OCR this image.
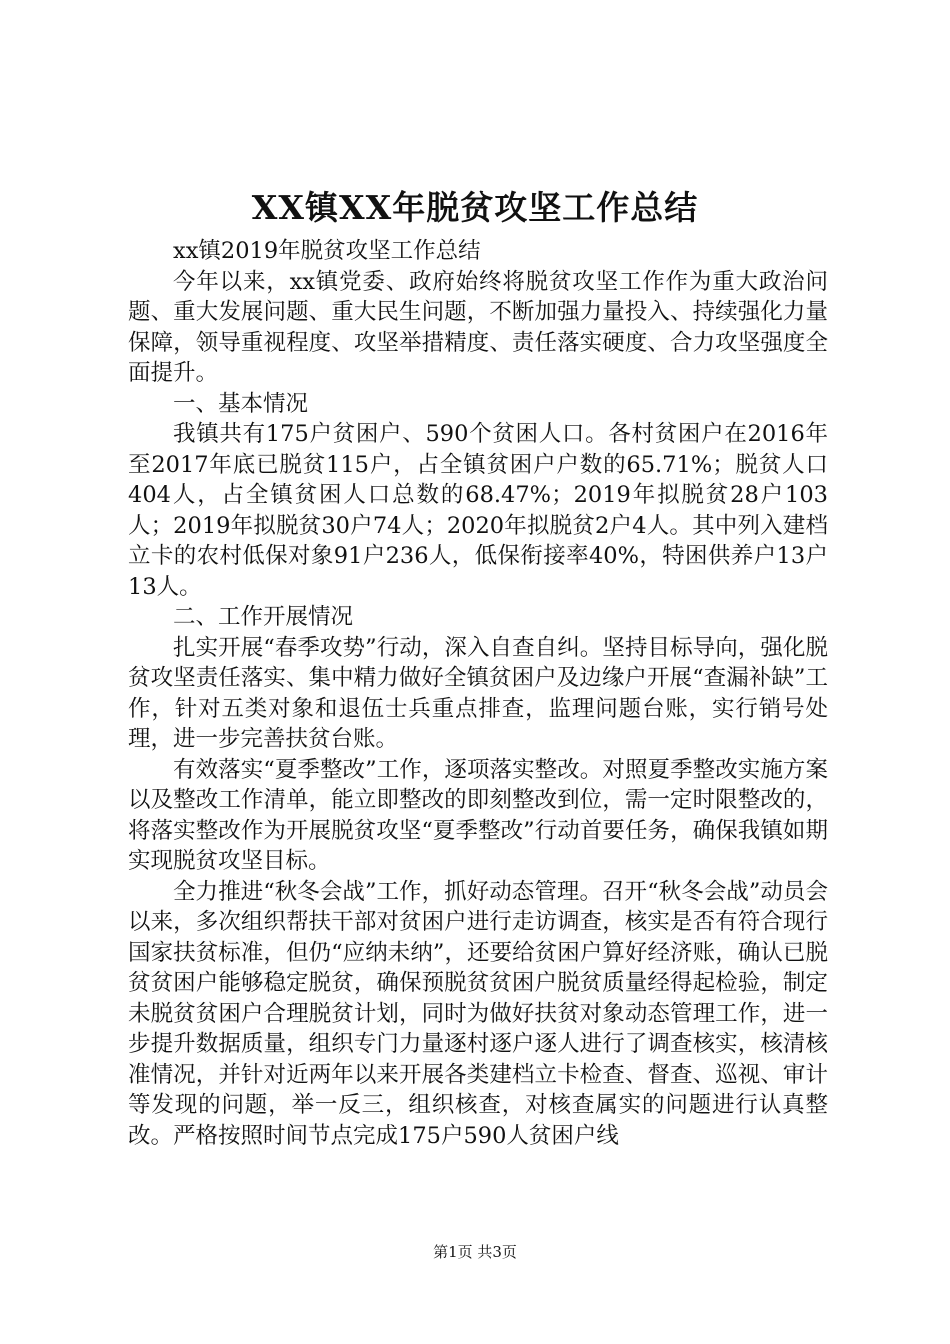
XX镇XX年脱贫攻坚工作总结

xx镇2019年脱贫攻坚工作总结

今年以来，xx镇党委、政府始终将脱贫攻坚工作作为重大政治问题、重大发展问题、重大民生问题，不断加强力量投入、持续强化力量保障，领导重视程度、攻坚举措精度、责任落实硬度、合力攻坚强度全面提升。

一、基本情况

我镇共有175户贫困户、590个贫困人口。各村贫困户在2016年至2017年底已脱贫115户，占全镇贫困户户数的65.71%；脱贫人口404人，占全镇贫困人口总数的68.47%；2019年拟脱贫28户103人；2019年拟脱贫30户74人；2020年拟脱贫2户4人。其中列入建档立卡的农村低保对象91户236人，低保衔接率40%，特困供养户13户13人。

二、工作开展情况

扎实开展“春季攻势”行动，深入自查自纠。坚持目标导向，强化脱贫攻坚责任落实、集中精力做好全镇贫困户及边缘户开展“查漏补缺”工作，针对五类对象和退伍士兵重点排查，监理问题台账，实行销号处理，进一步完善扶贫台账。

有效落实“夏季整改”工作，逐项落实整改。对照夏季整改实施方案以及整改工作清单，能立即整改的即刻整改到位，需一定时限整改的，将落实整改作为开展脱贫攻坚“夏季整改”行动首要任务，确保我镇如期实现脱贫攻坚目标。

全力推进“秋冬会战”工作，抓好动态管理。召开“秋冬会战”动员会以来，多次组织帮扶干部对贫困户进行走访调查，核实是否有符合现行国家扶贫标准，但仍“应纳未纳”，还要给贫困户算好经济账，确认已脱贫贫困户能够稳定脱贫，确保预脱贫贫困户脱贫质量经得起检验，制定未脱贫贫困户合理脱贫计划，同时为做好扶贫对象动态管理工作，进一步提升数据质量，组织专门力量逐村逐户逐人进行了调查核实，核清核准情况，并针对近两年以来开展各类建档立卡检查、督查、巡视、审计等发现的问题，举一反三，组织核查，对核查属实的问题进行认真整改。严格按照时间节点完成175户590人贫困户线

第1页 共3页
